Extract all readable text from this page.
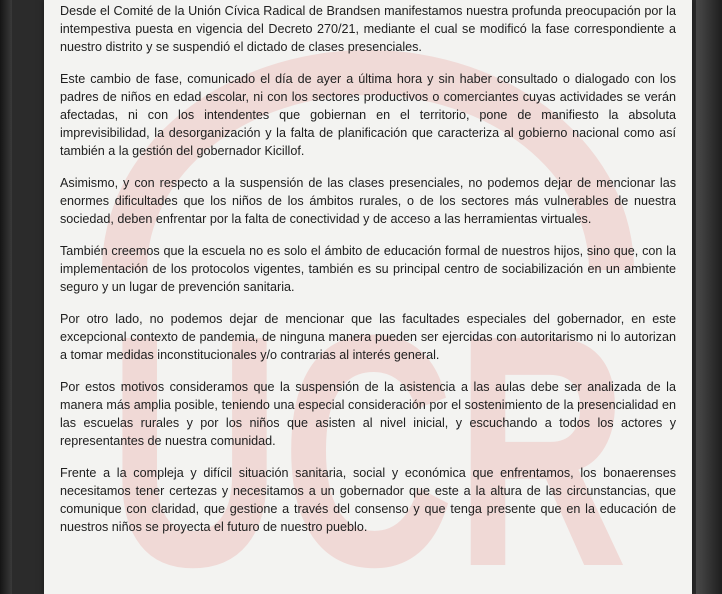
UCR

Desde el Comité de la Unión Cívica Radical de Brandsen manifestamos nuestra profunda preocupación por la intempestiva puesta en vigencia del Decreto 270/21, mediante el cual se modificó la fase correspondiente a nuestro distrito y se suspendió el dictado de clases presenciales.

Este cambio de fase, comunicado el día de ayer a última hora y sin haber consultado o dialogado con los padres de niños en edad escolar, ni con los sectores productivos o comerciantes cuyas actividades se verán afectadas, ni con los intendentes que gobiernan en el territorio, pone de manifiesto la absoluta imprevisibilidad, la desorganización y la falta de planificación que caracteriza al gobierno nacional como así también a la gestión del gobernador Kicillof.

Asimismo, y con respecto a la suspensión de las clases presenciales, no podemos dejar de mencionar las enormes dificultades que los niños de los ámbitos rurales, o de los sectores más vulnerables de nuestra sociedad, deben enfrentar por la falta de conectividad y de acceso a las herramientas virtuales.

También creemos que la escuela no es solo el ámbito de educación formal de nuestros hijos, sino que, con la implementación de los protocolos vigentes, también es su principal centro de sociabilización en un ambiente seguro y un lugar de prevención sanitaria.

Por otro lado, no podemos dejar de mencionar que las facultades especiales del gobernador, en este excepcional contexto de pandemia, de ninguna manera pueden ser ejercidas con autoritarismo ni lo autorizan a tomar medidas inconstitucionales y/o contrarias al interés general.

Por estos motivos consideramos que la suspensión de la asistencia a las aulas debe ser analizada de la manera más amplia posible, teniendo una especial consideración por el sostenimiento de la presencialidad en las escuelas rurales y por los niños que asisten al nivel inicial, y escuchando a todos los actores y representantes de nuestra comunidad.

Frente a la compleja y difícil situación sanitaria, social y económica que enfrentamos, los bonaerenses necesitamos tener certezas y necesitamos a un gobernador que este a la altura de las circunstancias, que comunique con claridad, que gestione a través del consenso y que tenga presente que en la educación de nuestros niños se proyecta el futuro de nuestro pueblo.
